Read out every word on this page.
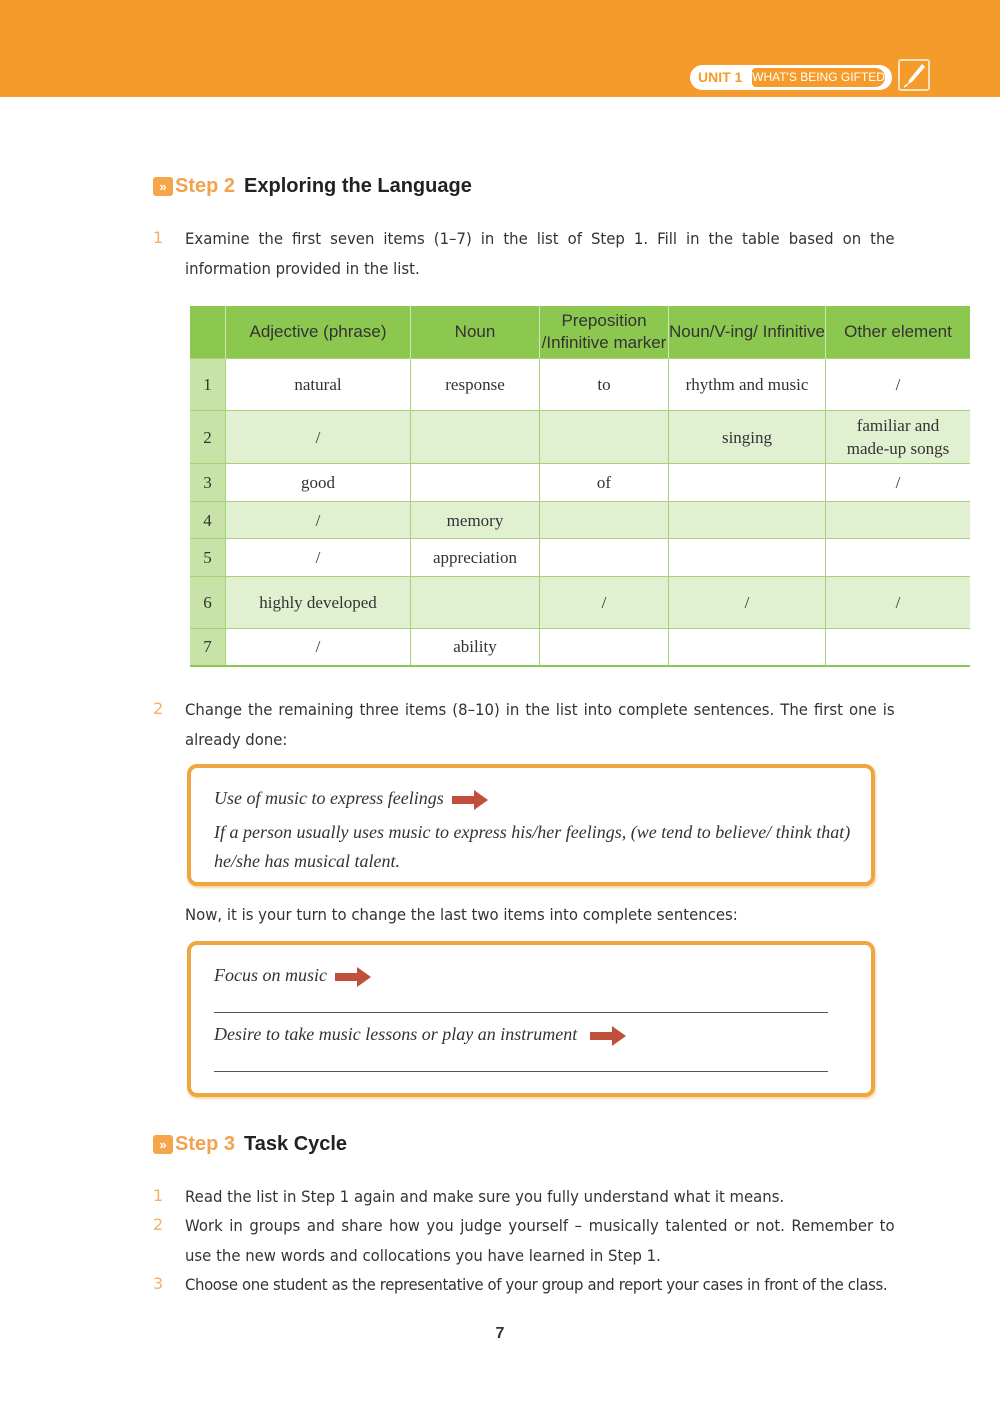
UNIT 1 WHAT'S BEING GIFTED
» Step 2 Exploring the Language
1 Examine the first seven items (1–7) in the list of Step 1. Fill in the table based on the information provided in the list.
	Adjective (phrase)	Noun	Preposition /Infinitive marker	Noun/V-ing/ Infinitive	Other element
1	natural	response	to	rhythm and music	/
2	/			singing	familiar and made-up songs
3	good		of		/
4	/	memory			
5	/	appreciation			
6	highly developed		/	/	/
7	/	ability			
2 Change the remaining three items (8–10) in the list into complete sentences. The first one is already done:
Use of music to express feelings
If a person usually uses music to express his/her feelings, (we tend to believe/ think that) he/she has musical talent.
Now, it is your turn to change the last two items into complete sentences:
Focus on music
Desire to take music lessons or play an instrument
» Step 3 Task Cycle
1 Read the list in Step 1 again and make sure you fully understand what it means.
2 Work in groups and share how you judge yourself – musically talented or not. Remember to use the new words and collocations you have learned in Step 1.
3 Choose one student as the representative of your group and report your cases in front of the class.
7
